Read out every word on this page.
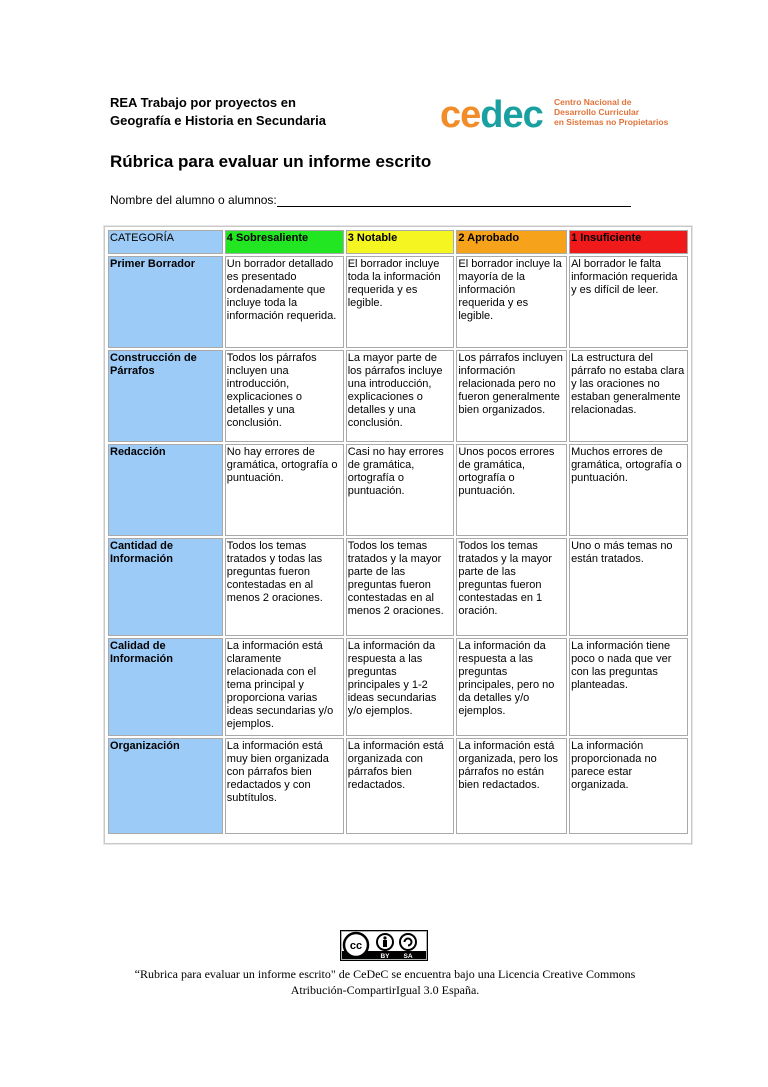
REA Trabajo por proyectos en
Geografía e Historia en Secundaria	cedec Centro Nacional de
Desarrollo Curricular
en Sistemas no Propietarios
Rúbrica para evaluar un informe escrito
Nombre del alumno o alumnos:
CATEGORÍA	4 Sobresaliente	3 Notable	2 Aprobado	1 Insuficiente
Primer Borrador	Un borrador detallado es presentado ordenadamente que incluye toda la información requerida.	El borrador incluye toda la información requerida y es legible.	El borrador incluye la mayoría de la información requerida y es legible.	Al borrador le falta información requerida y es difícil de leer.
Construcción de Párrafos	Todos los párrafos incluyen una introducción, explicaciones o detalles y una conclusión.	La mayor parte de los párrafos incluye una introducción, explicaciones o detalles y una conclusión.	Los párrafos incluyen información relacionada pero no fueron generalmente bien organizados.	La estructura del párrafo no estaba clara y las oraciones no estaban generalmente relacionadas.
Redacción	No hay errores de gramática, ortografía o puntuación.	Casi no hay errores de gramática, ortografía o puntuación.	Unos pocos errores de gramática, ortografía o puntuación.	Muchos errores de gramática, ortografía o puntuación.
Cantidad de Información	Todos los temas tratados y todas las preguntas fueron contestadas en al menos 2 oraciones.	Todos los temas tratados y la mayor parte de las preguntas fueron contestadas en al menos 2 oraciones.	Todos los temas tratados y la mayor parte de las preguntas fueron contestadas en 1 oración.	Uno o más temas no están tratados.
Calidad de Información	La información está claramente relacionada con el tema principal y proporciona varias ideas secundarias y/o ejemplos.	La información da respuesta a las preguntas principales y 1-2 ideas secundarias y/o ejemplos.	La información da respuesta a las preguntas principales, pero no da detalles y/o ejemplos.	La información tiene poco o nada que ver con las preguntas planteadas.
Organización	La información está muy bien organizada con párrafos bien redactados y con subtítulos.	La información está organizada con párrafos bien redactados.	La información está organizada, pero los párrafos no están bien redactados.	La información proporcionada no parece estar organizada.
cc
BY SA
“Rubrica para evaluar un informe escrito" de CeDeC se encuentra bajo una Licencia Creative Commons
Atribución-CompartirIgual 3.0 España.
